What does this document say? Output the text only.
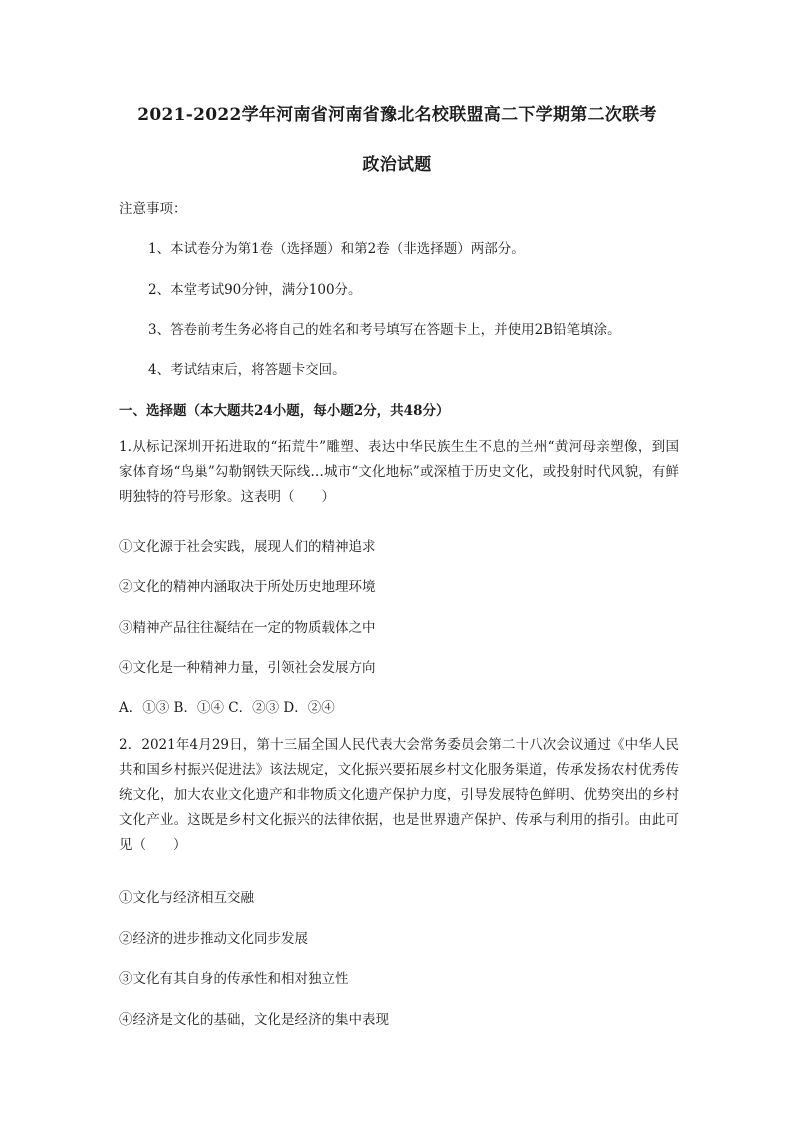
2021-2022学年河南省河南省豫北名校联盟高二下学期第二次联考
政治试题
注意事项：
1、本试卷分为第1卷（选择题）和第2卷（非选择题）两部分。
2、本堂考试90分钟，满分100分。
3、答卷前考生务必将自己的姓名和考号填写在答题卡上，并使用2B铅笔填涂。
4、考试结束后，将答题卡交回。
一、选择题（本大题共24小题，每小题2分，共48分）
1.从标记深圳开拓进取的“拓荒牛”雕塑、表达中华民族生生不息的兰州“黄河母亲塑像，到国家体育场“鸟巢”勾勒钢铁天际线…城市“文化地标”或深植于历史文化，或投射时代风貌，有鲜明独特的符号形象。这表明（　　）
①文化源于社会实践，展现人们的精神追求
②文化的精神内涵取决于所处历史地理环境
③精神产品往往凝结在一定的物质载体之中
④文化是一种精神力量，引领社会发展方向
A．①③ B．①④ C．②③ D．②④
2．2021年4月29日，第十三届全国人民代表大会常务委员会第二十八次会议通过《中华人民共和国乡村振兴促进法》该法规定，文化振兴要拓展乡村文化服务渠道，传承发扬农村优秀传统文化，加大农业文化遗产和非物质文化遗产保护力度，引导发展特色鲜明、优势突出的乡村文化产业。这既是乡村文化振兴的法律依据，也是世界遗产保护、传承与利用的指引。由此可见（　　）
①文化与经济相互交融
②经济的进步推动文化同步发展
③文化有其自身的传承性和相对独立性
④经济是文化的基础，文化是经济的集中表现
